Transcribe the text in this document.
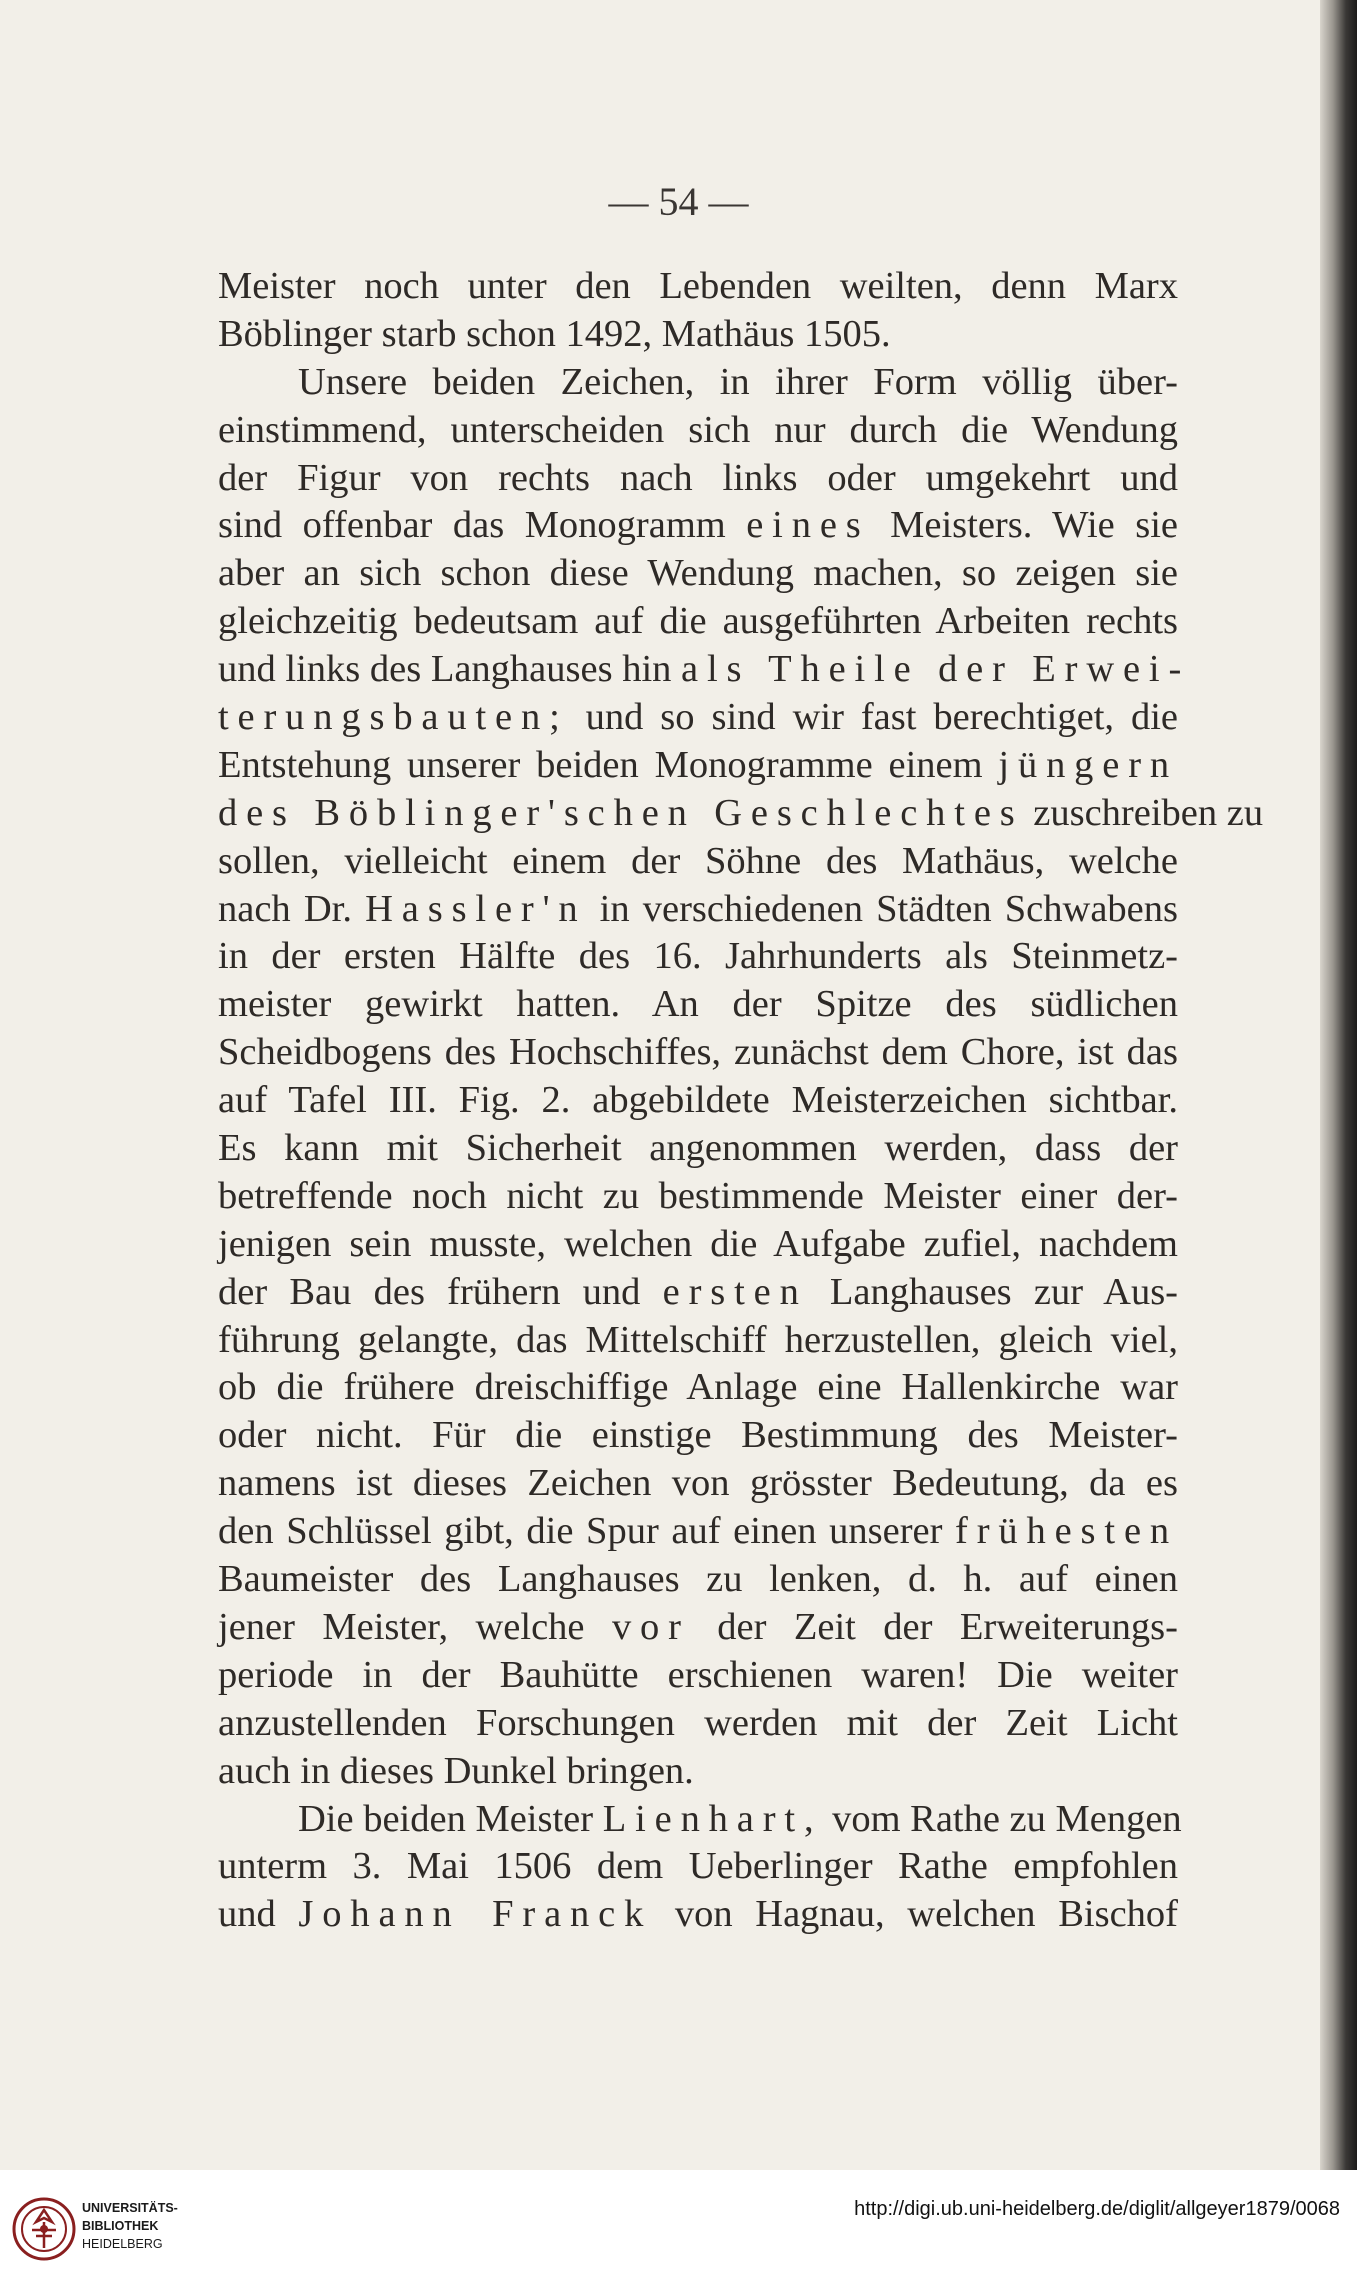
— 54 —
Meister noch unter den Lebenden weilten, denn Marx
Böblinger starb schon 1492, Mathäus 1505.
Unsere beiden Zeichen, in ihrer Form völlig über-
einstimmend, unterscheiden sich nur durch die Wendung
der Figur von rechts nach links oder umgekehrt und
sind offenbar das Monogramm eines Meisters. Wie sie
aber an sich schon diese Wendung machen, so zeigen sie
gleichzeitig bedeutsam auf die ausgeführten Arbeiten rechts
und links des Langhauses hin als Theile der Erwei-
terungsbauten; und so sind wir fast berechtiget, die
Entstehung unserer beiden Monogramme einem jüngern
des Böblinger'schen Geschlechtes zuschreiben zu
sollen, vielleicht einem der Söhne des Mathäus, welche
nach Dr. Hassler'n in verschiedenen Städten Schwabens
in der ersten Hälfte des 16. Jahrhunderts als Steinmetz-
meister gewirkt hatten. An der Spitze des südlichen
Scheidbogens des Hochschiffes, zunächst dem Chore, ist das
auf Tafel III. Fig. 2. abgebildete Meisterzeichen sichtbar.
Es kann mit Sicherheit angenommen werden, dass der
betreffende noch nicht zu bestimmende Meister einer der-
jenigen sein musste, welchen die Aufgabe zufiel, nachdem
der Bau des frühern und ersten Langhauses zur Aus-
führung gelangte, das Mittelschiff herzustellen, gleich viel,
ob die frühere dreischiffige Anlage eine Hallenkirche war
oder nicht. Für die einstige Bestimmung des Meister-
namens ist dieses Zeichen von grösster Bedeutung, da es
den Schlüssel gibt, die Spur auf einen unserer frühesten
Baumeister des Langhauses zu lenken, d. h. auf einen
jener Meister, welche vor der Zeit der Erweiterungs-
periode in der Bauhütte erschienen waren! Die weiter
anzustellenden Forschungen werden mit der Zeit Licht
auch in dieses Dunkel bringen.
Die beiden Meister Lienhart, vom Rathe zu Mengen
unterm 3. Mai 1506 dem Ueberlinger Rathe empfohlen
und Johann Franck von Hagnau, welchen Bischof
UNIVERSITÄTS-
BIBLIOTHEK
HEIDELBERG
http://digi.ub.uni-heidelberg.de/diglit/allgeyer1879/0068
